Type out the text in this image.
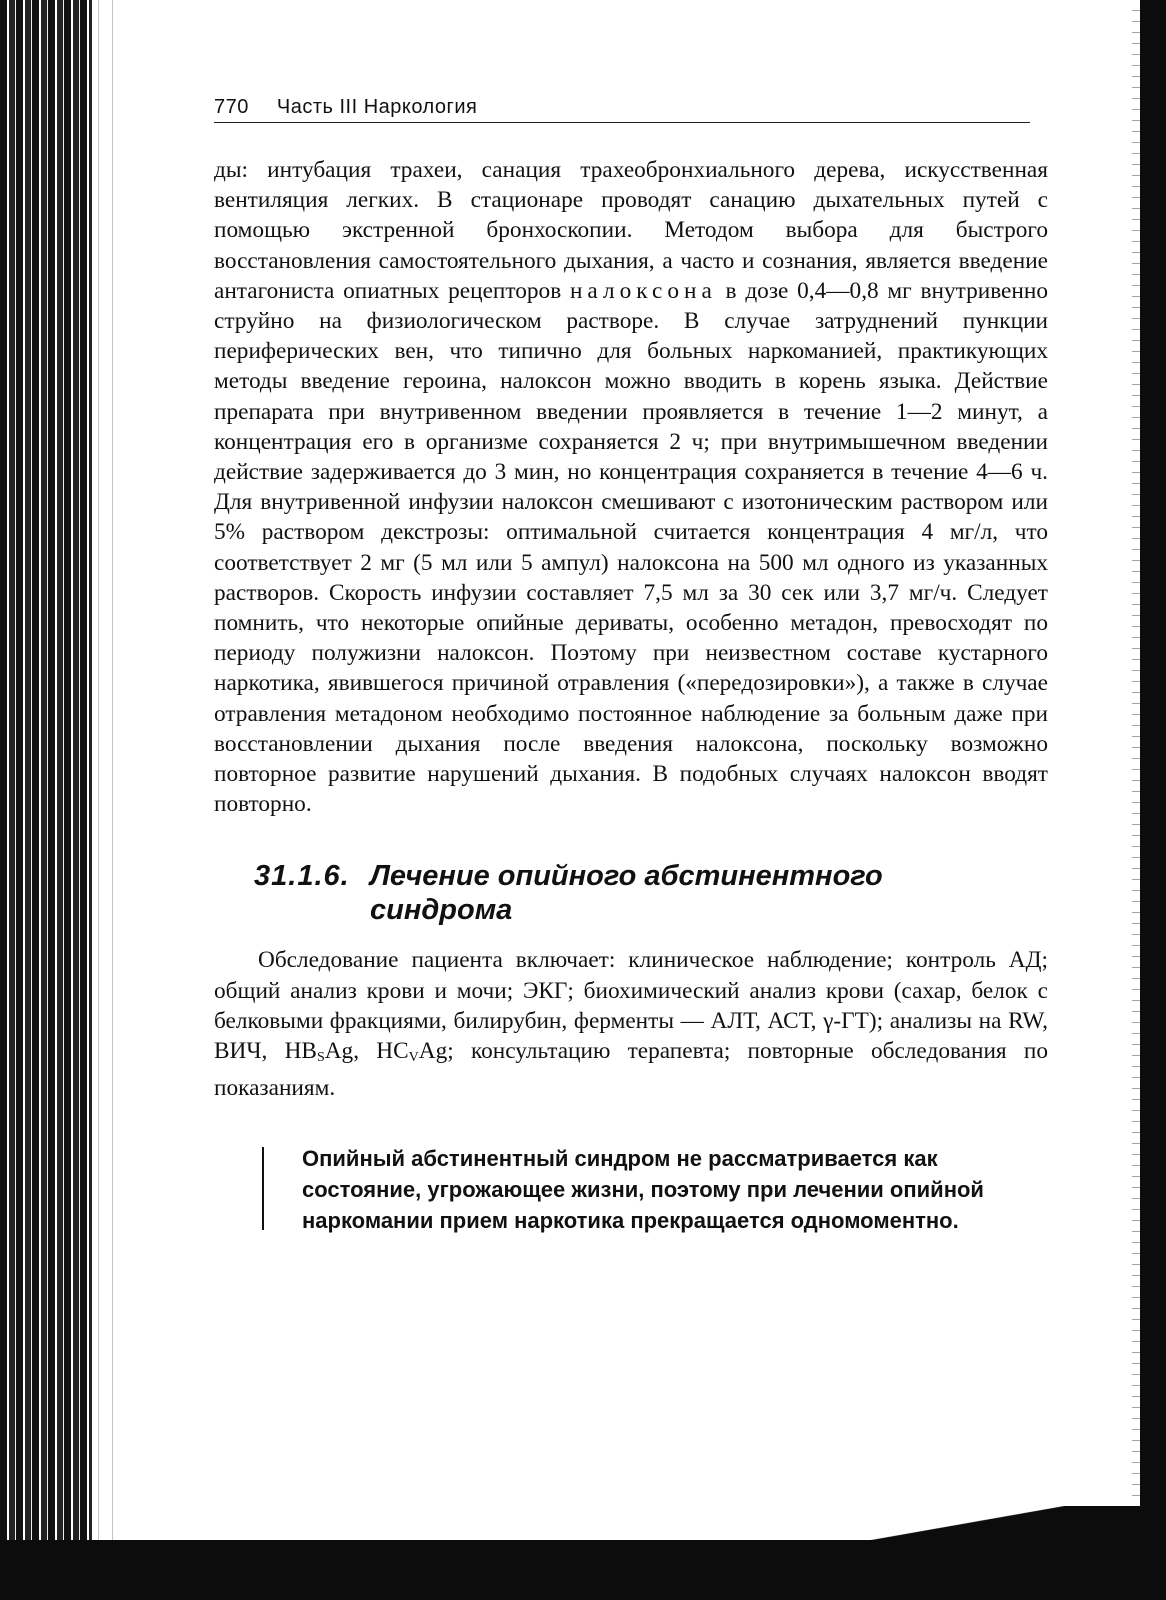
770 Часть III Наркология
ды: интубация трахеи, санация трахеобронхиального дерева, искусственная вентиляция легких. В стационаре проводят санацию дыхательных путей с помощью экстренной бронхоскопии. Методом выбора для быстрого восстановления самостоятельного дыхания, а часто и сознания, является введение антагониста опиатных рецепторов налоксона в дозе 0,4—0,8 мг внутривенно струйно на физиологическом растворе. В случае затруднений пункции периферических вен, что типично для больных наркоманией, практикующих методы введение героина, налоксон можно вводить в корень языка. Действие препарата при внутривенном введении проявляется в течение 1—2 минут, а концентрация его в организме сохраняется 2 ч; при внутримышечном введении действие задерживается до 3 мин, но концентрация сохраняется в течение 4—6 ч. Для внутривенной инфузии налоксон смешивают с изотоническим раствором или 5% раствором декстрозы: оптимальной считается концентрация 4 мг/л, что соответствует 2 мг (5 мл или 5 ампул) налоксона на 500 мл одного из указанных растворов. Скорость инфузии составляет 7,5 мл за 30 сек или 3,7 мг/ч. Следует помнить, что некоторые опийные дериваты, особенно метадон, превосходят по периоду полужизни налоксон. Поэтому при неизвестном составе кустарного наркотика, явившегося причиной отравления («передозировки»), а также в случае отравления метадоном необходимо постоянное наблюдение за больным даже при восстановлении дыхания после введения налоксона, поскольку возможно повторное развитие нарушений дыхания. В подобных случаях налоксон вводят повторно.
31.1.6. Лечение опийного абстинентного синдрома
Обследование пациента включает: клиническое наблюдение; контроль АД; общий анализ крови и мочи; ЭКГ; биохимический анализ крови (сахар, белок с белковыми фракциями, билирубин, ферменты — АЛТ, АСТ, γ-ГТ); анализы на RW, ВИЧ, $HB_SAg$, $HC_VAg$; консультацию терапевта; повторные обследования по показаниям.
Опийный абстинентный синдром не рассматривается как состояние, угрожающее жизни, поэтому при лечении опийной наркомании прием наркотика прекращается одномоментно.
